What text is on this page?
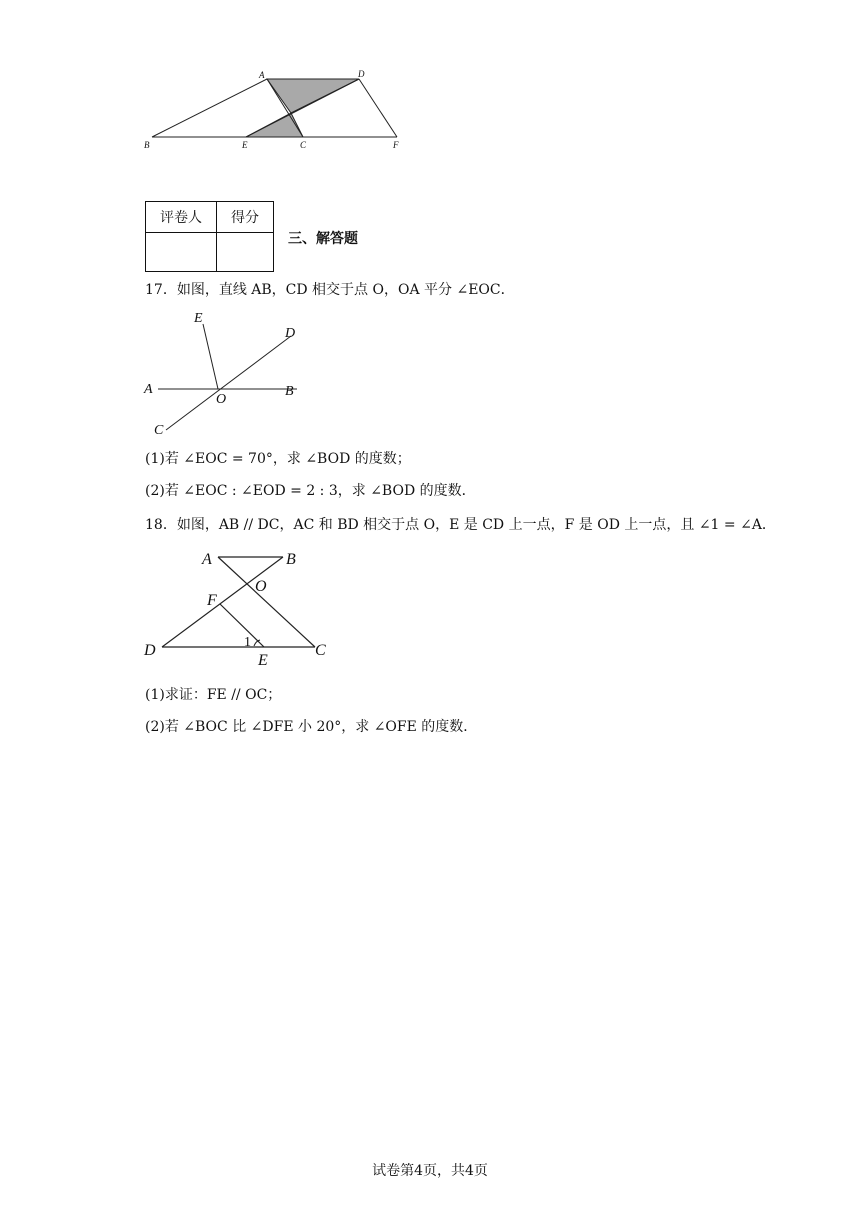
A	D
B	E	C	F
评卷人	得分

三、解答题
17．如图，直线 AB，CD 相交于点 O，OA 平分 ∠EOC．
E
D
A
O
B
C
(1)若 ∠EOC = 70°，求 ∠BOD 的度数；
(2)若 ∠EOC : ∠EOD = 2 : 3，求 ∠BOD 的度数．
18．如图，AB // DC，AC 和 BD 相交于点 O，E 是 CD 上一点，F 是 OD 上一点，且 ∠1 = ∠A．
A	B
O
F
D	1
E
C
(1)求证：FE // OC；
(2)若 ∠BOC 比 ∠DFE 小 20°，求 ∠OFE 的度数．
试卷第4页，共4页
